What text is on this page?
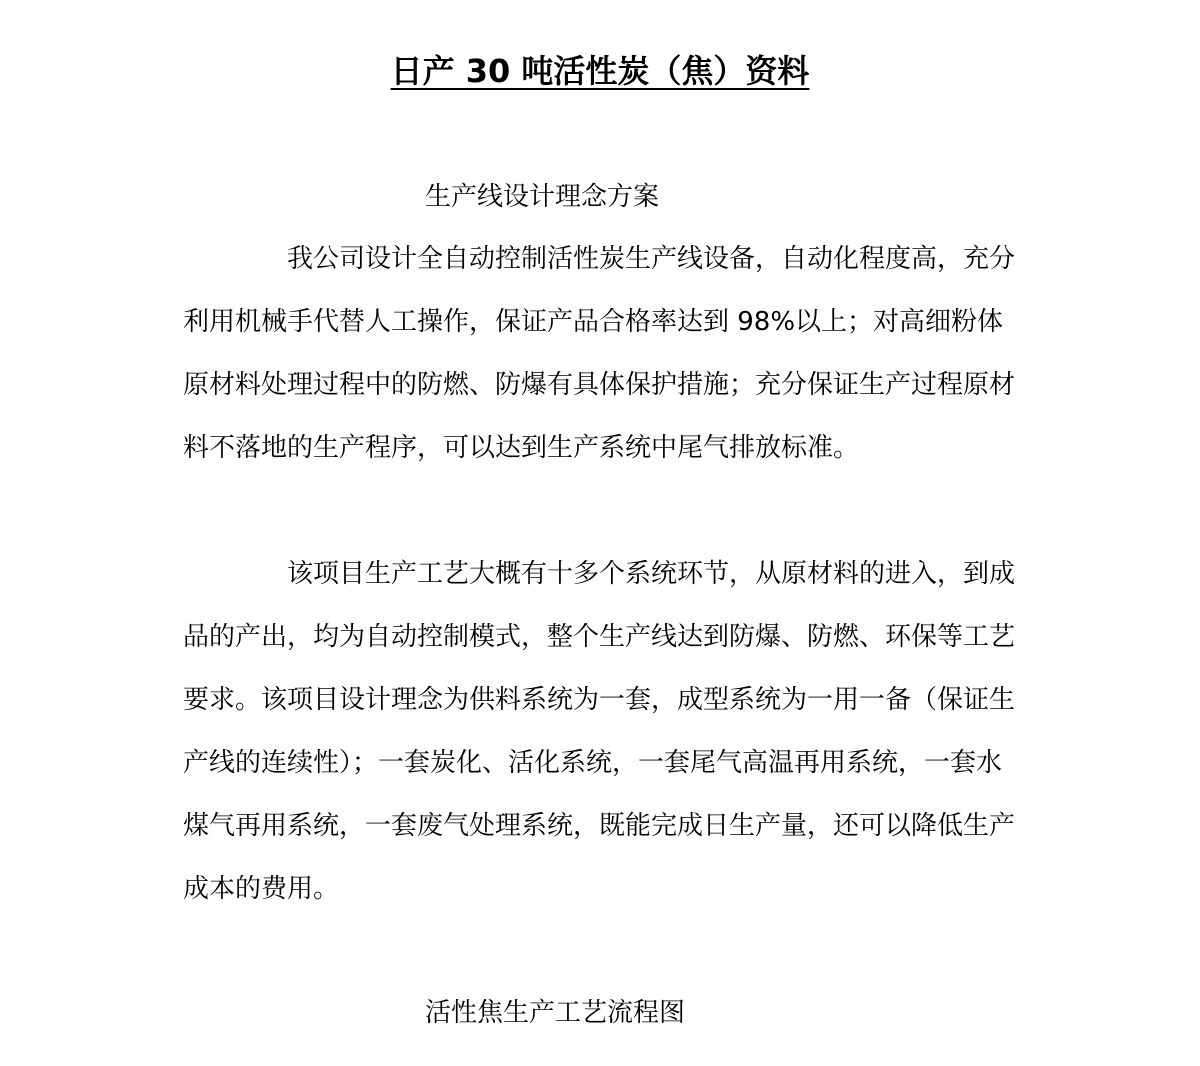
日产 30 吨活性炭（焦）资料
生产线设计理念方案

我公司设计全自动控制活性炭生产线设备，自动化程度高，充分利用机械手代替人工操作，保证产品合格率达到 98%以上；对高细粉体原材料处理过程中的防燃、防爆有具体保护措施；充分保证生产过程原材料不落地的生产程序，可以达到生产系统中尾气排放标准。

该项目生产工艺大概有十多个系统环节，从原材料的进入，到成品的产出，均为自动控制模式，整个生产线达到防爆、防燃、环保等工艺要求。该项目设计理念为供料系统为一套，成型系统为一用一备（保证生产线的连续性）；一套炭化、活化系统，一套尾气高温再用系统，一套水煤气再用系统，一套废气处理系统，既能完成日生产量，还可以降低生产成本的费用。

活性焦生产工艺流程图
